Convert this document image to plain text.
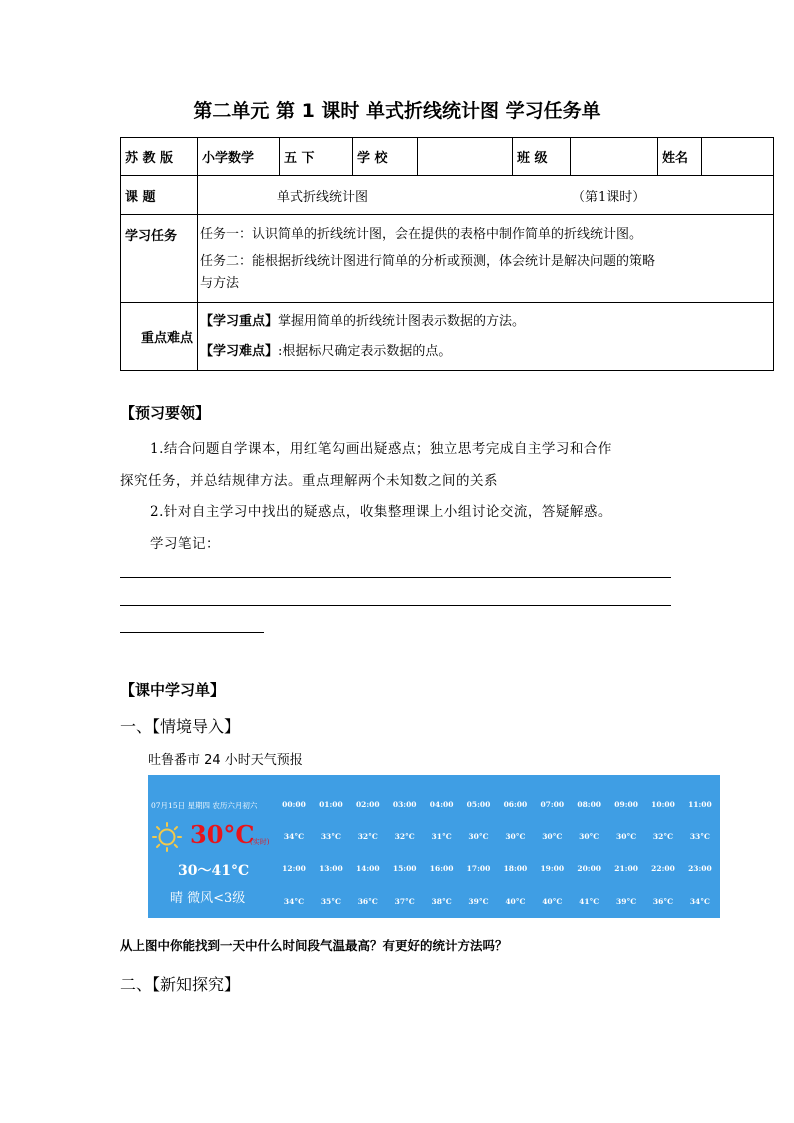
第二单元 第 1 课时 单式折线统计图 学习任务单
苏 教 版	小学数学	五 下	学 校		班 级		姓名	
课 题	单式折线统计图 （第1课时）							
学习任务	任务一：认识简单的折线统计图，会在提供的表格中制作简单的折线统计图。
任务二：能根据折线统计图进行简单的分析或预测，体会统计是解决问题的策略
与方法							

重点难点	【学习重点】掌握用简单的折线统计图表示数据的方法。
【学习难点】:根据标尺确定表示数据的点。							
【预习要领】
1.结合问题自学课本，用红笔勾画出疑惑点；独立思考完成自主学习和合作
探究任务，并总结规律方法。重点理解两个未知数之间的关系
2.针对自主学习中找出的疑惑点，收集整理课上小组讨论交流，答疑解惑。
学习笔记：
【课中学习单】
一、【情境导入】
吐鲁番市 24 小时天气预报
07月15日 星期四 农历六月初六
30°C
(实时)
30～41°C
晴 微风<3级
00:00	01:00	02:00	03:00	04:00	05:00	06:00	07:00	08:00	09:00	10:00	11:00
34°C	33°C	32°C	32°C	31°C	30°C	30°C	30°C	30°C	30°C	32°C	33°C
12:00	13:00	14:00	15:00	16:00	17:00	18:00	19:00	20:00	21:00	22:00	23:00
34°C	35°C	36°C	37°C	38°C	39°C	40°C	40°C	41°C	39°C	36°C	34°C
从上图中你能找到一天中什么时间段气温最高？有更好的统计方法吗？
二、【新知探究】
